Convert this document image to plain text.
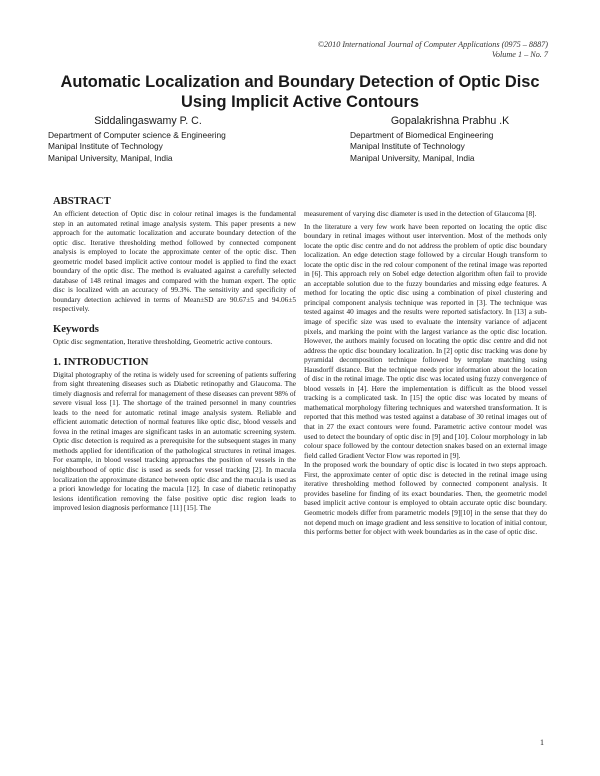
©2010 International Journal of Computer Applications (0975 – 8887)
Volume 1 – No. 7
Automatic Localization and Boundary Detection of Optic Disc Using Implicit Active Contours
Siddalingaswamy P. C.
Department of Computer science & Engineering
Manipal Institute of Technology
Manipal University, Manipal, India
Gopalakrishna Prabhu .K
Department of Biomedical Engineering
Manipal Institute of Technology
Manipal University, Manipal, India
ABSTRACT

An efficient detection of Optic disc in colour retinal images is the fundamental step in an automated retinal image analysis system. This paper presents a new approach for the automatic localization and accurate boundary detection of the optic disc. Iterative thresholding method followed by connected component analysis is employed to locate the approximate center of the optic disc. Then geometric model based implicit active contour model is applied to find the exact boundary of the optic disc. The method is evaluated against a carefully selected database of 148 retinal images and compared with the human expert. The optic disc is localized with an accuracy of 99.3%. The sensitivity and specificity of boundary detection achieved in terms of Mean±SD are 90.67±5 and 94.06±5 respectively.

Keywords

Optic disc segmentation, Iterative thresholding, Geometric active contours.

1. INTRODUCTION

Digital photography of the retina is widely used for screening of patients suffering from sight threatening diseases such as Diabetic retinopathy and Glaucoma. The timely diagnosis and referral for management of these diseases can prevent 98% of severe visual loss [1]. The shortage of the trained personnel in many countries leads to the need for automatic retinal image analysis system. Reliable and efficient automatic detection of normal features like optic disc, blood vessels and fovea in the retinal images are significant tasks in an automatic screening system. Optic disc detection is required as a prerequisite for the subsequent stages in many methods applied for identification of the pathological structures in retinal images. For example, in blood vessel tracking approaches the position of vessels in the neighbourhood of optic disc is used as seeds for vessel tracking [2]. In macula localization the approximate distance between optic disc and the macula is used as a priori knowledge for locating the macula [12]. In case of diabetic retinopathy lesions identification removing the false positive optic disc region leads to improved lesion diagnosis performance [11] [15]. The

measurement of varying disc diameter is used in the detection of Glaucoma [8].

In the literature a very few work have been reported on locating the optic disc boundary in retinal images without user intervention. Most of the methods only locate the optic disc centre and do not address the problem of optic disc boundary localization. An edge detection stage followed by a circular Hough transform to locate the optic disc in the red colour component of the retinal image was reported in [6]. This approach rely on Sobel edge detection algorithm often fail to provide an acceptable solution due to the fuzzy boundaries and missing edge features. A method for locating the optic disc using a combination of pixel clustering and principal component analysis technique was reported in [3]. The technique was tested against 40 images and the results were reported satisfactory. In [13] a sub-image of specific size was used to evaluate the intensity variance of adjacent pixels, and marking the point with the largest variance as the optic disc location. However, the authors mainly focused on locating the optic disc centre and did not address the optic disc boundary localization. In [2] optic disc tracking was done by pyramidal decomposition technique followed by template matching using Hausdorff distance. But the technique needs prior information about the location of disc in the retinal image. The optic disc was located using fuzzy convergence of blood vessels in [4]. Here the implementation is difficult as the blood vessel tracking is a complicated task. In [15] the optic disc was located by means of mathematical morphology filtering techniques and watershed transformation. It is reported that this method was tested against a database of 30 retinal images out of that in 27 the exact contours were found. Parametric active contour model was used to detect the boundary of optic disc in [9] and [10]. Colour morphology in lab colour space followed by the contour detection snakes based on an external image field called Gradient Vector Flow was reported in [9].

In the proposed work the boundary of optic disc is located in two steps approach. First, the approximate center of optic disc is detected in the retinal image using iterative thresholding method followed by connected component analysis. It provides baseline for finding of its exact boundaries. Then, the geometric model based implicit active contour is employed to obtain accurate optic disc boundary. Geometric models differ from parametric models [9][10] in the sense that they do not depend much on image gradient and less sensitive to location of initial contour, this performs better for object with week boundaries as in the case of optic disc.

1
